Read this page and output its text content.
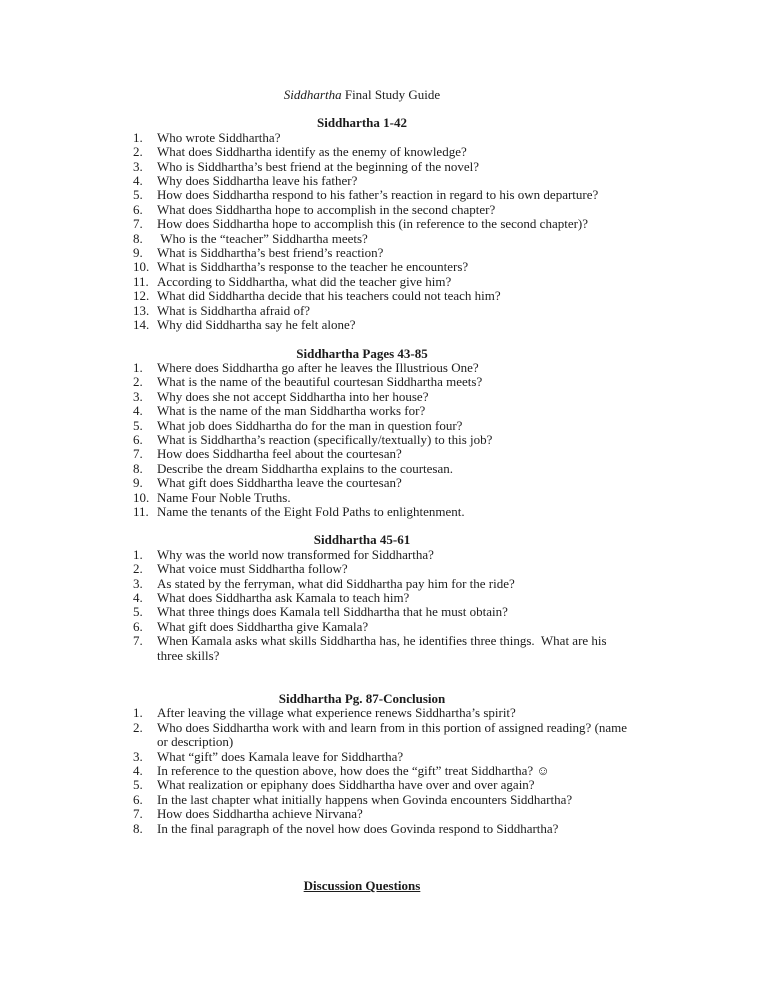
Siddhartha Final Study Guide

Siddhartha 1-42

1. Who wrote Siddhartha?
2. What does Siddhartha identify as the enemy of knowledge?
3. Who is Siddhartha’s best friend at the beginning of the novel?
4. Why does Siddhartha leave his father?
5. How does Siddhartha respond to his father’s reaction in regard to his own departure?
6. What does Siddhartha hope to accomplish in the second chapter?
7. How does Siddhartha hope to accomplish this (in reference to the second chapter)?
8. Who is the “teacher” Siddhartha meets?
9. What is Siddhartha’s best friend’s reaction?
10. What is Siddhartha’s response to the teacher he encounters?
11. According to Siddhartha, what did the teacher give him?
12. What did Siddhartha decide that his teachers could not teach him?
13. What is Siddhartha afraid of?
14. Why did Siddhartha say he felt alone?

Siddhartha Pages 43-85

1. Where does Siddhartha go after he leaves the Illustrious One?
2. What is the name of the beautiful courtesan Siddhartha meets?
3. Why does she not accept Siddhartha into her house?
4. What is the name of the man Siddhartha works for?
5. What job does Siddhartha do for the man in question four?
6. What is Siddhartha’s reaction (specifically/textually) to this job?
7. How does Siddhartha feel about the courtesan?
8. Describe the dream Siddhartha explains to the courtesan.
9. What gift does Siddhartha leave the courtesan?
10. Name Four Noble Truths.
11. Name the tenants of the Eight Fold Paths to enlightenment.

Siddhartha 45-61

1. Why was the world now transformed for Siddhartha?
2. What voice must Siddhartha follow?
3. As stated by the ferryman, what did Siddhartha pay him for the ride?
4. What does Siddhartha ask Kamala to teach him?
5. What three things does Kamala tell Siddhartha that he must obtain?
6. What gift does Siddhartha give Kamala?
7. When Kamala asks what skills Siddhartha has, he identifies three things.  What are his three skills?

Siddhartha Pg. 87-Conclusion

1. After leaving the village what experience renews Siddhartha’s spirit?
2. Who does Siddhartha work with and learn from in this portion of assigned reading? (name or description)
3. What “gift” does Kamala leave for Siddhartha?
4. In reference to the question above, how does the “gift” treat Siddhartha? ☺
5. What realization or epiphany does Siddhartha have over and over again?
6. In the last chapter what initially happens when Govinda encounters Siddhartha?
7. How does Siddhartha achieve Nirvana?
8. In the final paragraph of the novel how does Govinda respond to Siddhartha?

Discussion Questions
